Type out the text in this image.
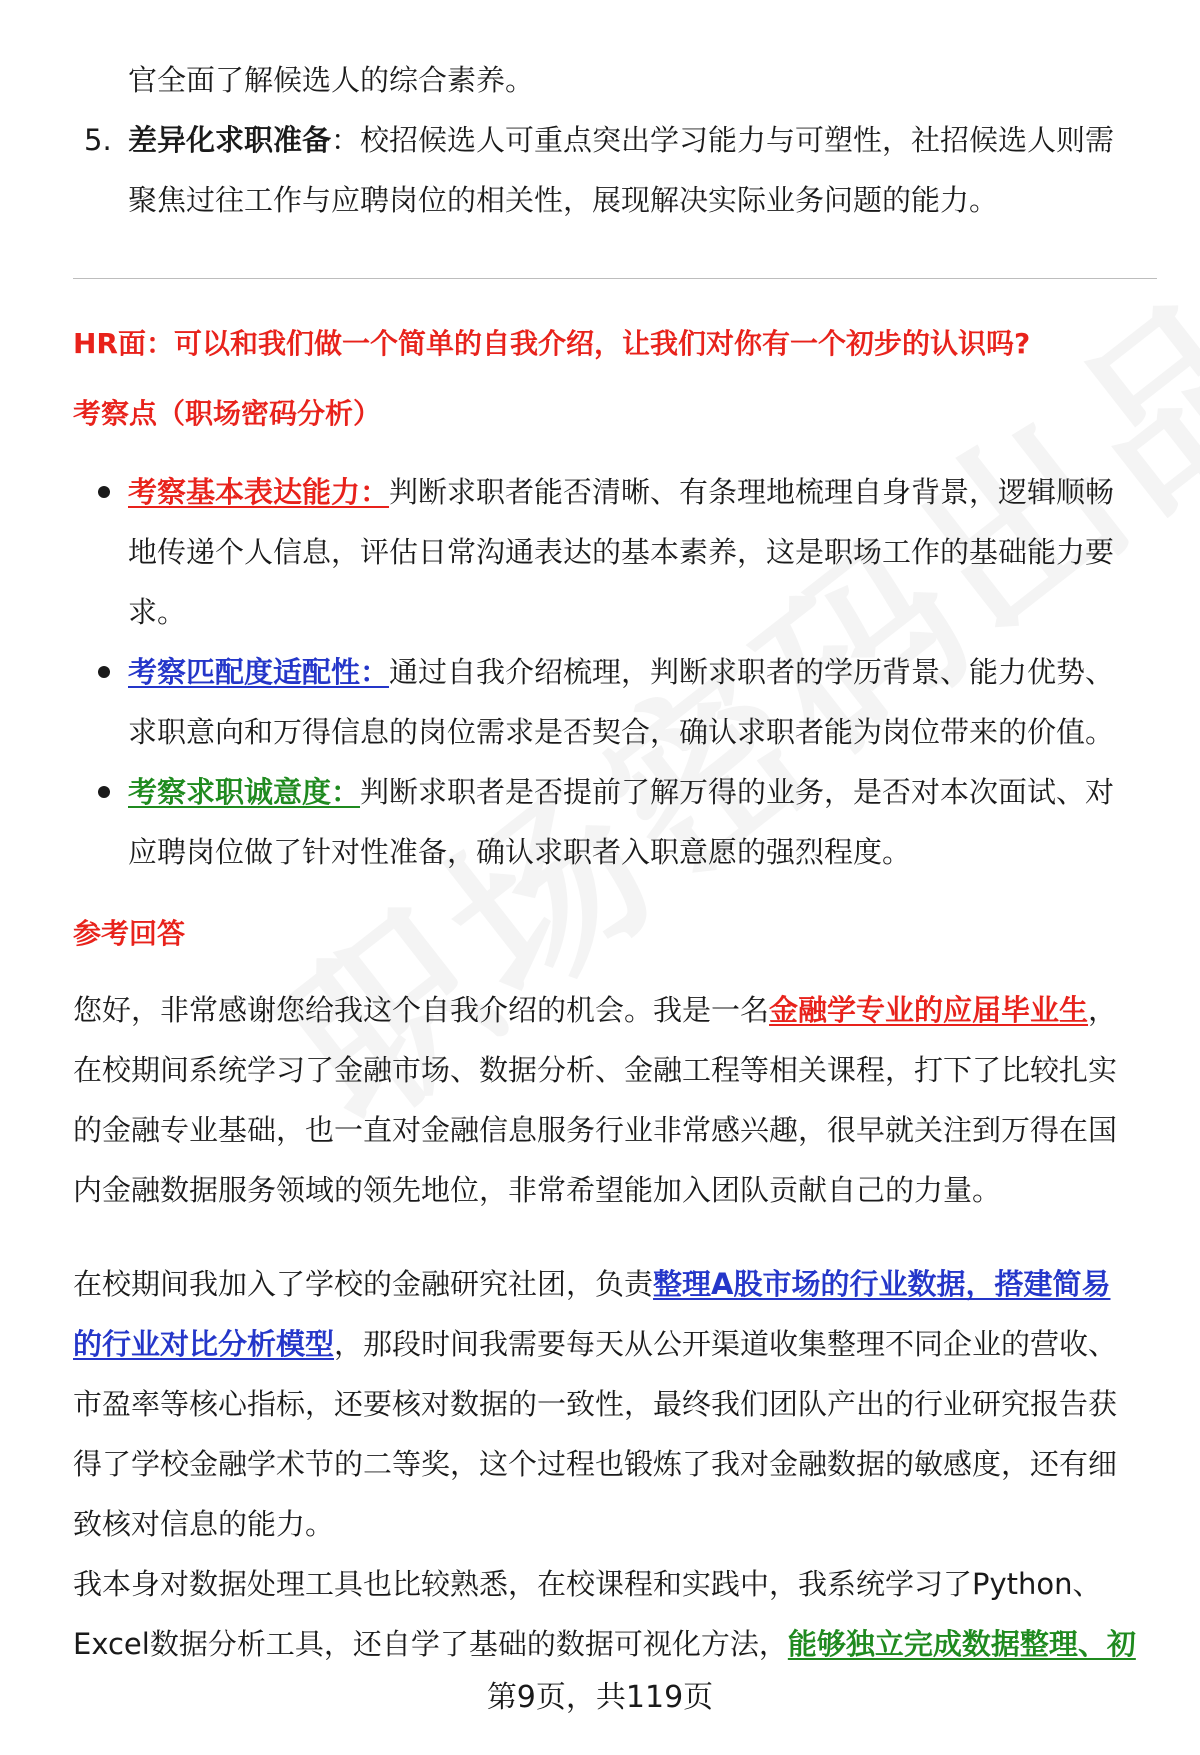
官全面了解候选人的综合素养。
5. 差异化求职准备：校招候选人可重点突出学习能力与可塑性，社招候选人则需
聚焦过往工作与应聘岗位的相关性，展现解决实际业务问题的能力。
HR面：可以和我们做一个简单的自我介绍，让我们对你有一个初步的认识吗?
考察点（职场密码分析）
考察基本表达能力：判断求职者能否清晰、有条理地梳理自身背景，逻辑顺畅
地传递个人信息，评估日常沟通表达的基本素养，这是职场工作的基础能力要
求。
考察匹配度适配性：通过自我介绍梳理，判断求职者的学历背景、能力优势、
求职意向和万得信息的岗位需求是否契合，确认求职者能为岗位带来的价值。
考察求职诚意度：判断求职者是否提前了解万得的业务，是否对本次面试、对
应聘岗位做了针对性准备，确认求职者入职意愿的强烈程度。
参考回答
您好，非常感谢您给我这个自我介绍的机会。我是一名金融学专业的应届毕业生，
在校期间系统学习了金融市场、数据分析、金融工程等相关课程，打下了比较扎实
的金融专业基础，也一直对金融信息服务行业非常感兴趣，很早就关注到万得在国
内金融数据服务领域的领先地位，非常希望能加入团队贡献自己的力量。
在校期间我加入了学校的金融研究社团，负责整理A股市场的行业数据，搭建简易
的行业对比分析模型，那段时间我需要每天从公开渠道收集整理不同企业的营收、
市盈率等核心指标，还要核对数据的一致性，最终我们团队产出的行业研究报告获
得了学校金融学术节的二等奖，这个过程也锻炼了我对金融数据的敏感度，还有细
致核对信息的能力。
我本身对数据处理工具也比较熟悉，在校课程和实践中，我系统学习了Python、
Excel数据分析工具，还自学了基础的数据可视化方法，能够独立完成数据整理、初
第9页，共119页
